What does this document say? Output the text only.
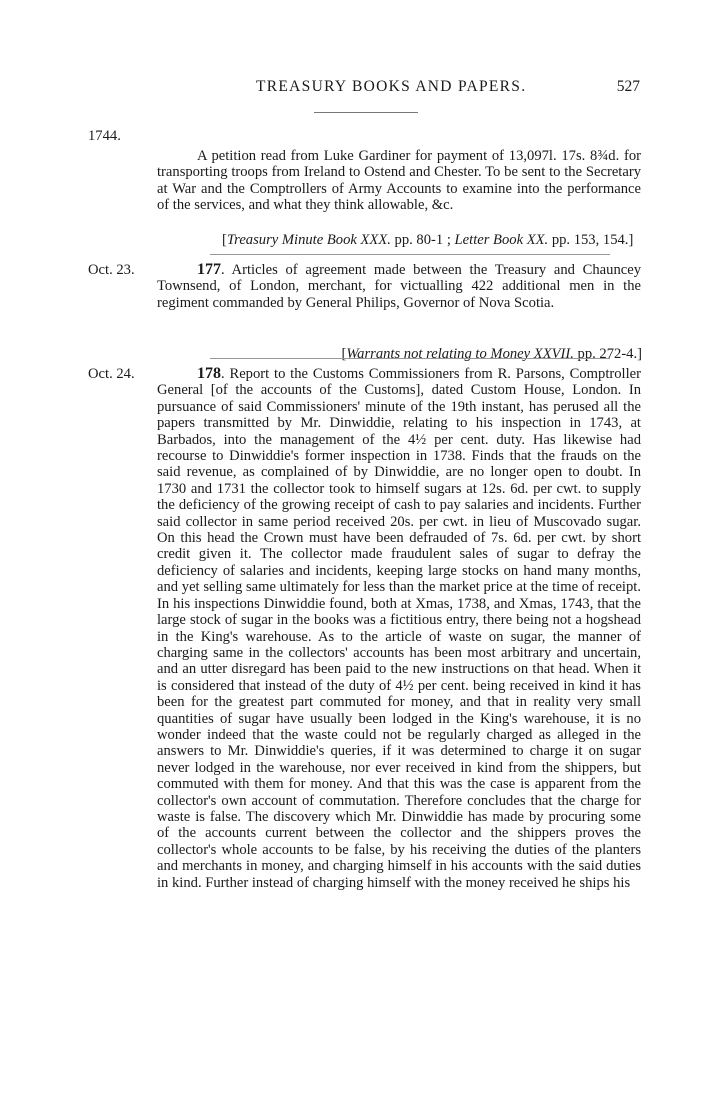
TREASURY BOOKS AND PAPERS.	527
1744.
A petition read from Luke Gardiner for payment of 13,097l. 17s. 8¾d. for transporting troops from Ireland to Ostend and Chester. To be sent to the Secretary at War and the Comptrollers of Army Accounts to examine into the performance of the services, and what they think allowable, &c.
[Treasury Minute Book XXX. pp. 80-1 ; Letter Book XX. pp. 153, 154.]
Oct. 23.	177. Articles of agreement made between the Treasury and Chauncey Townsend, of London, merchant, for victualling 422 additional men in the regiment commanded by General Philips, Governor of Nova Scotia.
[Warrants not relating to Money XXVII. pp. 272-4.]
Oct. 24.	178. Report to the Customs Commissioners from R. Parsons, Comptroller General [of the accounts of the Customs], dated Custom House, London. In pursuance of said Commissioners' minute of the 19th instant, has perused all the papers transmitted by Mr. Dinwiddie, relating to his inspection in 1743, at Barbados, into the management of the 4½ per cent. duty. Has likewise had recourse to Dinwiddie's former inspection in 1738. Finds that the frauds on the said revenue, as complained of by Dinwiddie, are no longer open to doubt. In 1730 and 1731 the collector took to himself sugars at 12s. 6d. per cwt. to supply the deficiency of the growing receipt of cash to pay salaries and incidents. Further said collector in same period received 20s. per cwt. in lieu of Muscovado sugar. On this head the Crown must have been defrauded of 7s. 6d. per cwt. by short credit given it. The collector made fraudulent sales of sugar to defray the deficiency of salaries and incidents, keeping large stocks on hand many months, and yet selling same ultimately for less than the market price at the time of receipt. In his inspections Dinwiddie found, both at Xmas, 1738, and Xmas, 1743, that the large stock of sugar in the books was a fictitious entry, there being not a hogshead in the King's warehouse. As to the article of waste on sugar, the manner of charging same in the collectors' accounts has been most arbitrary and uncertain, and an utter disregard has been paid to the new instructions on that head. When it is considered that instead of the duty of 4½ per cent. being received in kind it has been for the greatest part commuted for money, and that in reality very small quantities of sugar have usually been lodged in the King's warehouse, it is no wonder indeed that the waste could not be regularly charged as alleged in the answers to Mr. Dinwiddie's queries, if it was determined to charge it on sugar never lodged in the warehouse, nor ever received in kind from the shippers, but commuted with them for money. And that this was the case is apparent from the collector's own account of commutation. Therefore concludes that the charge for waste is false. The discovery which Mr. Dinwiddie has made by procuring some of the accounts current between the collector and the shippers proves the collector's whole accounts to be false, by his receiving the duties of the planters and merchants in money, and charging himself in his accounts with the said duties in kind. Further instead of charging himself with the money received he ships his
